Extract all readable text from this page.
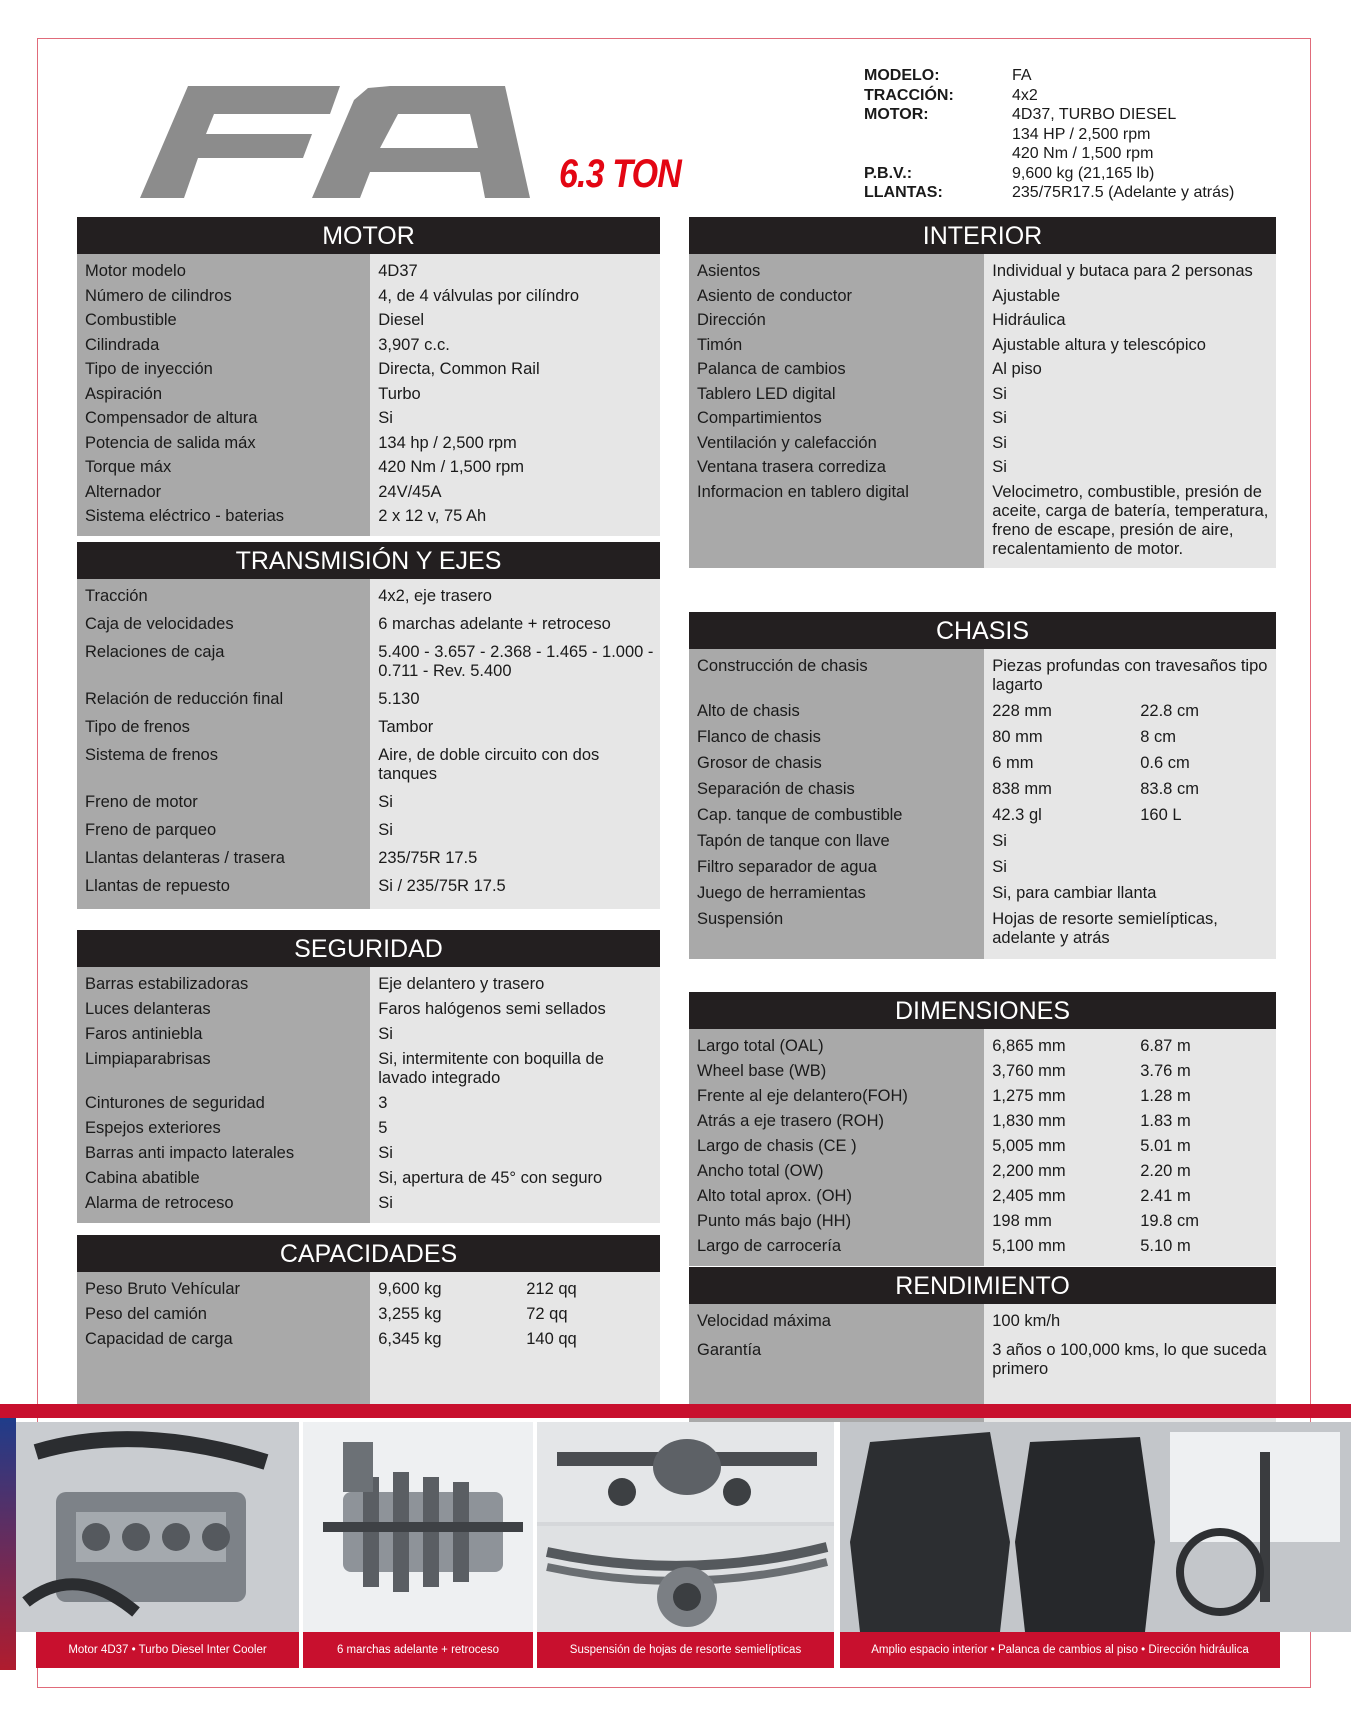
6.3 TON
MODELO:	FA
TRACCIÓN:	4x2
MOTOR:	4D37, TURBO DIESEL
134 HP / 2,500 rpm
420 Nm / 1,500 rpm
P.B.V.:	9,600 kg (21,165 lb)
LLANTAS:	235/75R17.5 (Adelante y atrás)
MOTOR
Motor modelo	4D37
Número de cilindros	4, de 4 válvulas por cilíndro
Combustible	Diesel
Cilindrada	3,907 c.c.
Tipo de inyección	Directa, Common Rail
Aspiración	Turbo
Compensador de altura	Si
Potencia de salida máx	134 hp / 2,500 rpm
Torque máx	420 Nm / 1,500 rpm
Alternador	24V/45A
Sistema eléctrico - baterias	2 x 12 v, 75 Ah
TRANSMISIÓN Y EJES
Tracción	4x2, eje trasero
Caja de velocidades	6 marchas adelante + retroceso
Relaciones de caja	5.400 - 3.657 - 2.368 - 1.465 - 1.000 - 0.711 - Rev. 5.400
Relación de reducción final	5.130
Tipo de frenos	Tambor
Sistema de frenos	Aire, de doble circuito con dos tanques
Freno de motor	Si
Freno de parqueo	Si
Llantas delanteras / trasera	235/75R 17.5
Llantas de repuesto	Si / 235/75R 17.5
SEGURIDAD
Barras estabilizadoras	Eje delantero y trasero
Luces delanteras	Faros halógenos semi sellados
Faros antiniebla	Si
Limpiaparabrisas	Si, intermitente con boquilla de lavado integrado
Cinturones de seguridad	3
Espejos exteriores	5
Barras anti impacto laterales	Si
Cabina abatible	Si, apertura de 45° con seguro
Alarma de retroceso	Si
CAPACIDADES
Peso Bruto Vehícular	9,600 kg	212 qq
Peso del camión	3,255 kg	72 qq
Capacidad de carga	6,345 kg	140 qq
INTERIOR
Asientos	Individual y butaca para 2 personas
Asiento de conductor	Ajustable
Dirección	Hidráulica
Timón	Ajustable altura y telescópico
Palanca de cambios	Al piso
Tablero LED digital	Si
Compartimientos	Si
Ventilación y calefacción	Si
Ventana trasera corrediza	Si
Informacion en tablero digital	Velocimetro, combustible, presión de aceite, carga de batería, temperatura, freno de escape, presión de aire, recalentamiento de motor.
CHASIS
Construcción de chasis	Piezas profundas con travesaños tipo lagarto
Alto de chasis	228 mm	22.8 cm
Flanco de chasis	80 mm	8 cm
Grosor de chasis	6 mm	0.6 cm
Separación de chasis	838 mm	83.8 cm
Cap. tanque de combustible	42.3 gl	160 L
Tapón de tanque con llave	Si
Filtro separador de agua	Si
Juego de herramientas	Si, para cambiar llanta
Suspensión	Hojas de resorte semielípticas, adelante y atrás
DIMENSIONES
Largo total (OAL)	6,865 mm	6.87 m
Wheel base (WB)	3,760 mm	3.76 m
Frente al eje delantero(FOH)	1,275 mm	1.28 m
Atrás a eje trasero (ROH)	1,830 mm	1.83 m
Largo de chasis (CE )	5,005 mm	5.01 m
Ancho total (OW)	2,200 mm	2.20 m
Alto total aprox. (OH)	2,405 mm	2.41 m
Punto más bajo (HH)	198 mm	19.8 cm
Largo de carrocería	5,100 mm	5.10 m
RENDIMIENTO
Velocidad máxima	100 km/h
Garantía	3 años o 100,000 kms, lo que suceda primero
Motor 4D37 • Turbo Diesel Inter Cooler	6 marchas adelante + retroceso	Suspensión de hojas de resorte semielípticas	Amplio espacio interior • Palanca de cambios al piso • Dirección hidráulica
